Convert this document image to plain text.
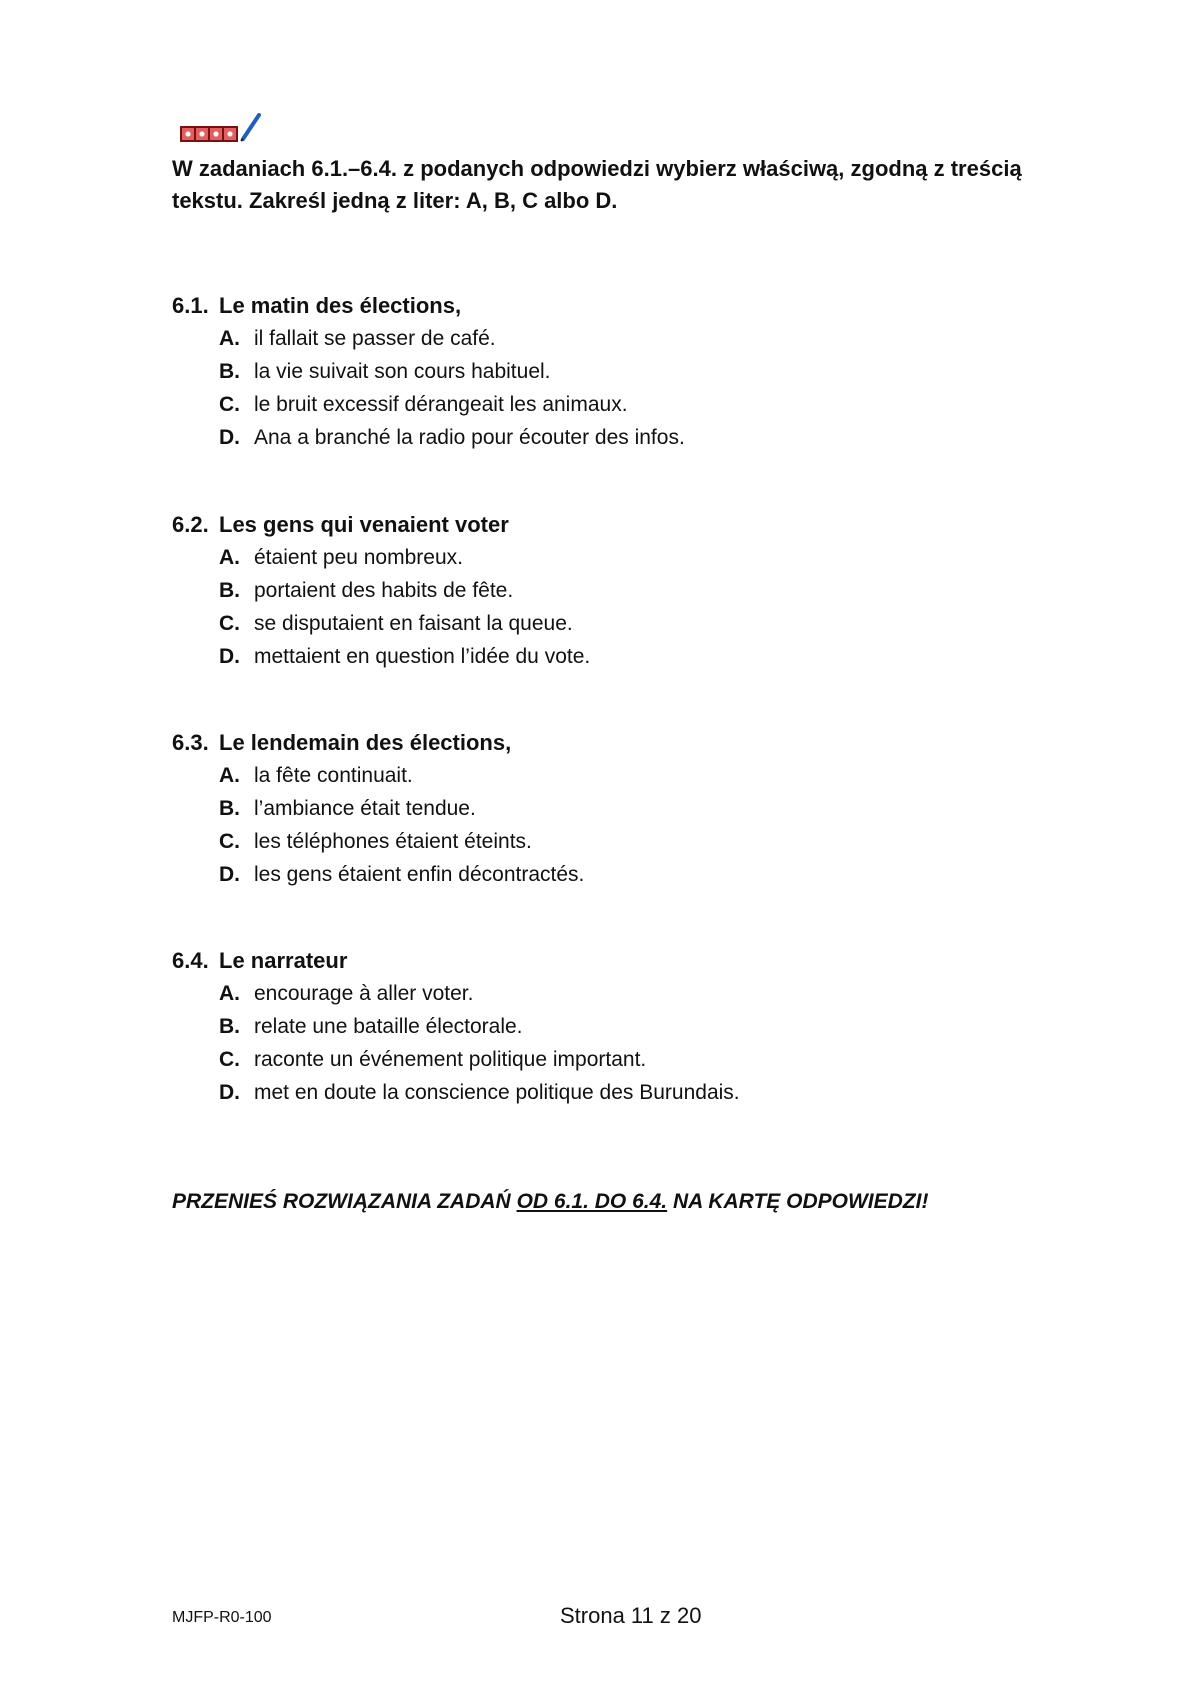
W zadaniach 6.1.–6.4. z podanych odpowiedzi wybierz właściwą, zgodną z treścią
tekstu. Zakreśl jedną z liter: A, B, C albo D.
6.1. Le matin des élections,
A. il fallait se passer de café.
B. la vie suivait son cours habituel.
C. le bruit excessif dérangeait les animaux.
D. Ana a branché la radio pour écouter des infos.
6.2. Les gens qui venaient voter
A. étaient peu nombreux.
B. portaient des habits de fête.
C. se disputaient en faisant la queue.
D. mettaient en question l’idée du vote.
6.3. Le lendemain des élections,
A. la fête continuait.
B. l’ambiance était tendue.
C. les téléphones étaient éteints.
D. les gens étaient enfin décontractés.
6.4. Le narrateur
A. encourage à aller voter.
B. relate une bataille électorale.
C. raconte un événement politique important.
D. met en doute la conscience politique des Burundais.
PRZENIEŚ ROZWIĄZANIA ZADAŃ OD 6.1. DO 6.4. NA KARTĘ ODPOWIEDZI!
MJFP-R0-100	Strona 11 z 20
